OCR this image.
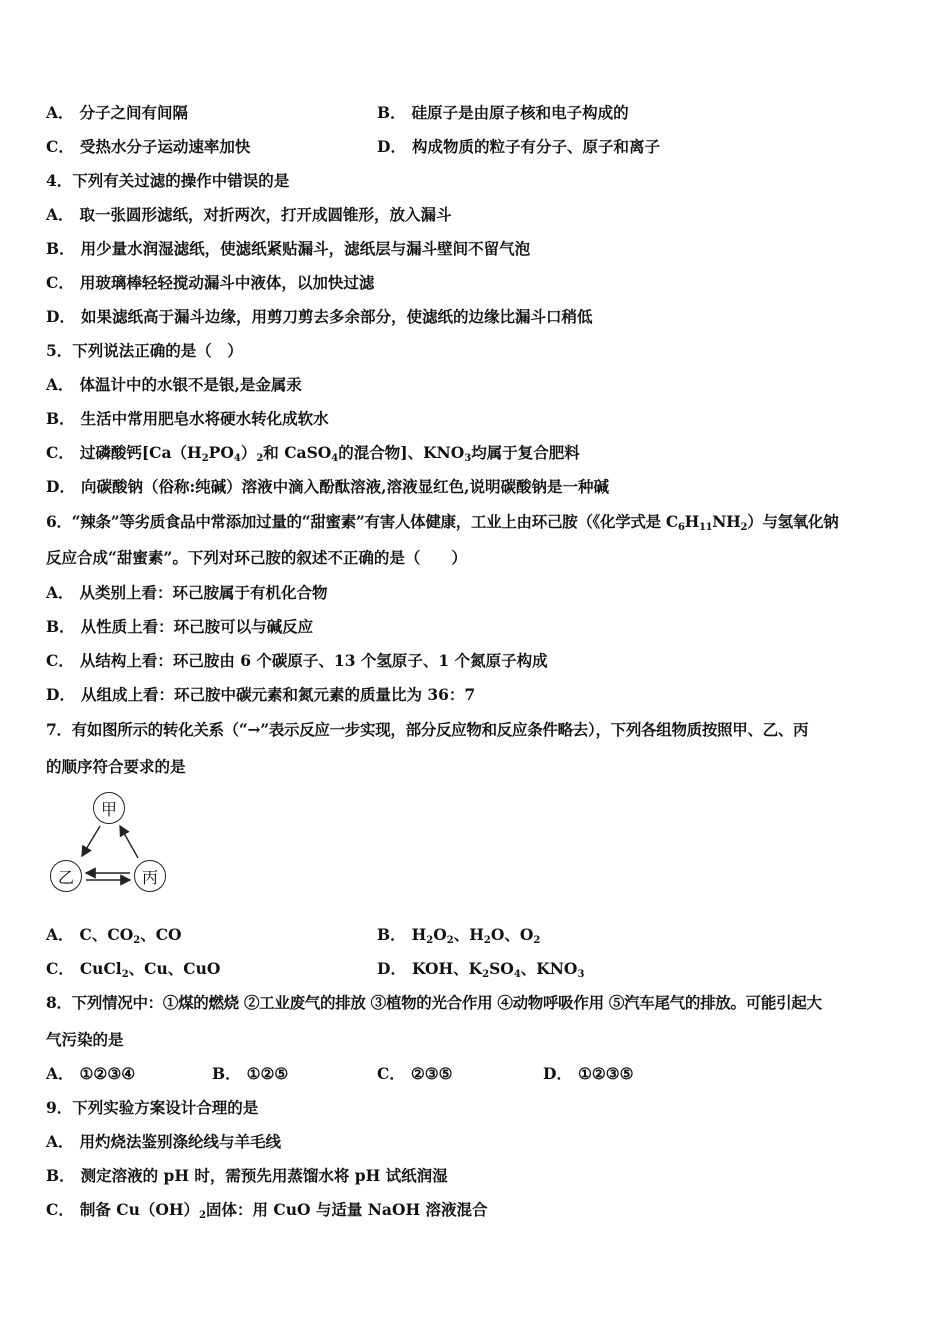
A． 分子之间有间隔	B． 硅原子是由原子核和电子构成的
C． 受热水分子运动速率加快	D． 构成物质的粒子有分子、原子和离子
4．下列有关过滤的操作中错误的是
A． 取一张圆形滤纸，对折两次，打开成圆锥形，放入漏斗
B． 用少量水润湿滤纸，使滤纸紧贴漏斗，滤纸层与漏斗壁间不留气泡
C． 用玻璃棒轻轻搅动漏斗中液体，以加快过滤
D． 如果滤纸高于漏斗边缘，用剪刀剪去多余部分，使滤纸的边缘比漏斗口稍低
5．下列说法正确的是（　）
A． 体温计中的水银不是银,是金属汞
B． 生活中常用肥皂水将硬水转化成软水
C． 过磷酸钙[$Ca(H_2PO_4)_2$和 CaSO$_4$的混合物]、$KNO_3$均属于复合肥料
D． 向碳酸钠（俗称:纯碱）溶液中滴入酚酞溶液,溶液显红色,说明碳酸钠是一种碱
6．“辣条”等劣质食品中常添加过量的“甜蜜素”有害人体健康，工业上由环己胺（《化学式是 $C_6H_{11}NH_2$）与氢氧化钠
反应合成“甜蜜素”。下列对环己胺的叙述不正确的是（　　）
A． 从类别上看：环己胺属于有机化合物
B． 从性质上看：环己胺可以与碱反应
C． 从结构上看：环己胺由 6 个碳原子、13 个氢原子、1 个氮原子构成
D． 从组成上看：环己胺中碳元素和氮元素的质量比为 36：7
7．有如图所示的转化关系（“→”表示反应一步实现，部分反应物和反应条件略去），下列各组物质按照甲、乙、丙
的顺序符合要求的是
甲
乙	丙
A． C、$CO_2$、CO	B． $H_2O_2$、$H_2O$、$O_2$
C． CuCl$_2$、Cu、CuO	D． KOH、$K_2SO_4$、$KNO_3$
8．下列情况中：①煤的燃烧 ②工业废气的排放 ③植物的光合作用 ④动物呼吸作用 ⑤汽车尾气的排放。可能引起大
气污染的是
A． ①②③④	B． ①②⑤	C． ②③⑤	D． ①②③⑤
9．下列实验方案设计合理的是
A． 用灼烧法鉴别涤纶线与羊毛线
B． 测定溶液的 pH 时，需预先用蒸馏水将 pH 试纸润湿
C． 制备 $Cu(OH)_2$固体：用 CuO 与适量 NaOH 溶液混合
